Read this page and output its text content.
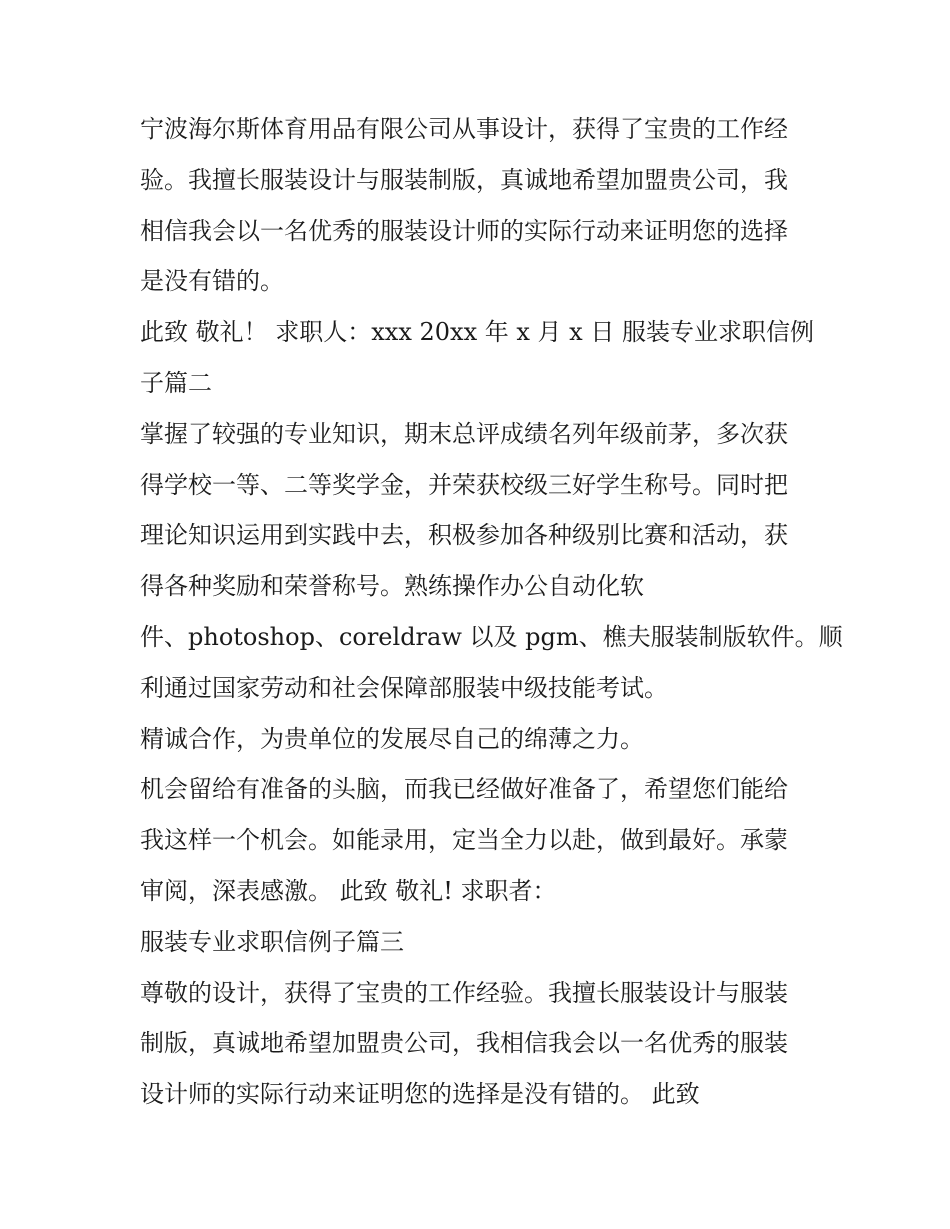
宁波海尔斯体育用品有限公司从事设计，获得了宝贵的工作经

验。我擅长服装设计与服装制版，真诚地希望加盟贵公司，我

相信我会以一名优秀的服装设计师的实际行动来证明您的选择

是没有错的。

此致 敬礼！ 求职人：xxx 20xx 年 x 月 x 日 服装专业求职信例

子篇二

掌握了较强的专业知识，期末总评成绩名列年级前茅，多次获

得学校一等、二等奖学金，并荣获校级三好学生称号。同时把

理论知识运用到实践中去，积极参加各种级别比赛和活动，获

得各种奖励和荣誉称号。熟练操作办公自动化软

件、photoshop、coreldraw 以及 pgm、樵夫服装制版软件。顺

利通过国家劳动和社会保障部服装中级技能考试。

精诚合作，为贵单位的发展尽自己的绵薄之力。

机会留给有准备的头脑，而我已经做好准备了，希望您们能给

我这样一个机会。如能录用，定当全力以赴，做到最好。承蒙

审阅，深表感激。 此致 敬礼! 求职者：

服装专业求职信例子篇三

尊敬的设计，获得了宝贵的工作经验。我擅长服装设计与服装

制版，真诚地希望加盟贵公司，我相信我会以一名优秀的服装

设计师的实际行动来证明您的选择是没有错的。 此致
